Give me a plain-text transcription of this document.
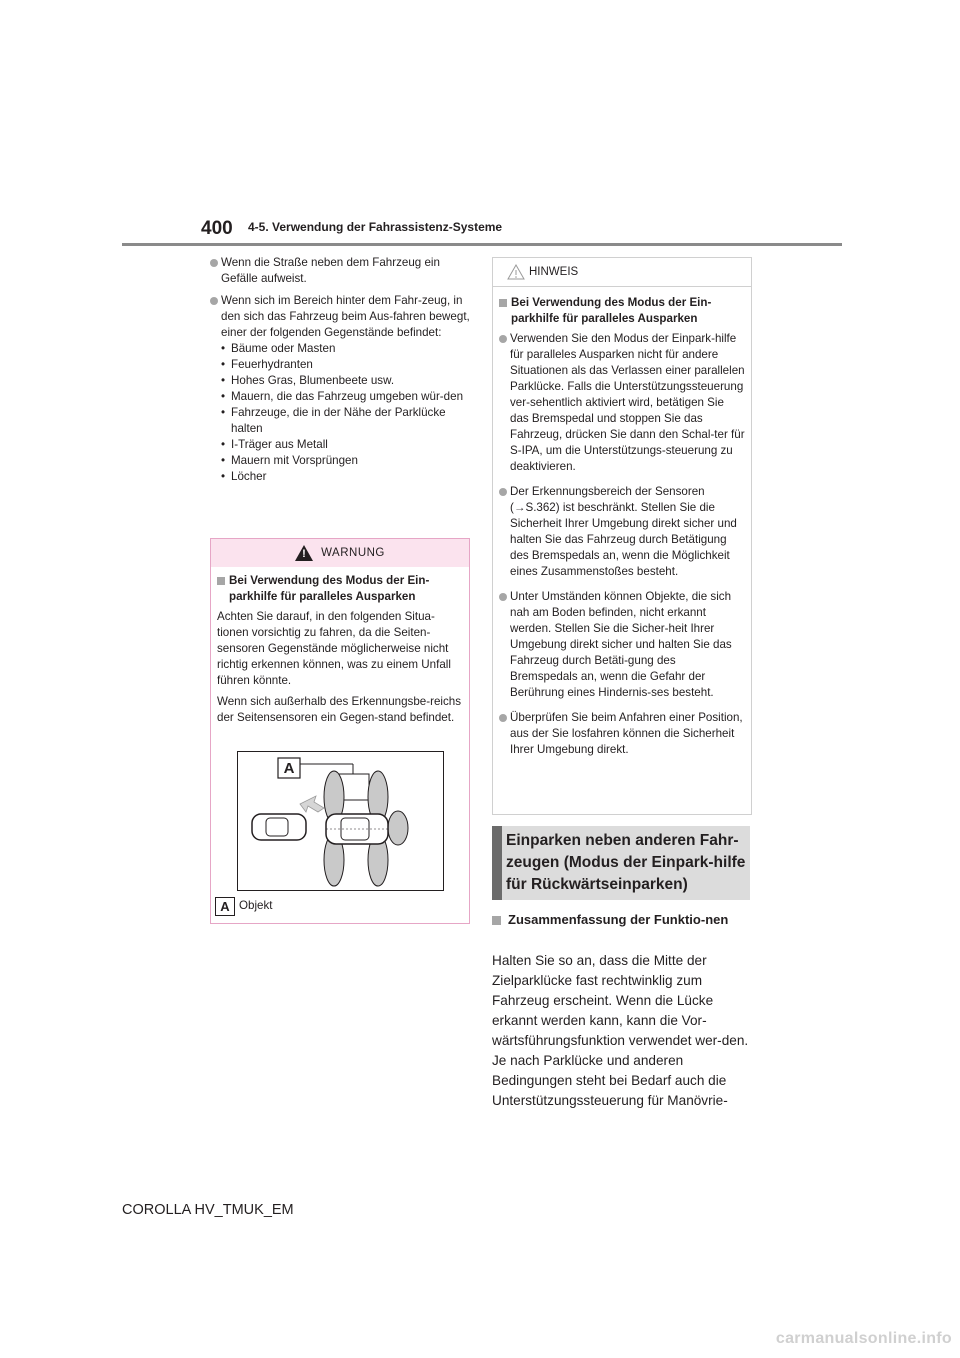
400 4-5. Verwendung der Fahrassistenz-Systeme
Wenn die Straße neben dem Fahrzeug ein Gefälle aufweist.
Wenn sich im Bereich hinter dem Fahr-zeug, in den sich das Fahrzeug beim Aus-fahren bewegt, einer der folgenden Gegenstände befindet:
• Bäume oder Masten
• Feuerhydranten
• Hohes Gras, Blumenbeete usw.
• Mauern, die das Fahrzeug umgeben wür-den
• Fahrzeuge, die in der Nähe der Parklücke halten
• I-Träger aus Metall
• Mauern mit Vorsprüngen
• Löcher
! WARNUNG
Bei Verwendung des Modus der Ein-parkhilfe für paralleles Ausparken

Achten Sie darauf, in den folgenden Situa-tionen vorsichtig zu fahren, da die Seiten-sensoren Gegenstände möglicherweise nicht richtig erkennen können, was zu einem Unfall führen könnte.

Wenn sich außerhalb des Erkennungsbe-reichs der Seitensensoren ein Gegen-stand befindet.

A
A Objekt
HINWEIS
Bei Verwendung des Modus der Ein-parkhilfe für paralleles Ausparken
Verwenden Sie den Modus der Einpark-hilfe für paralleles Ausparken nicht für andere Situationen als das Verlassen einer parallelen Parklücke. Falls die Unterstützungssteuerung ver-sehentlich aktiviert wird, betätigen Sie das Bremspedal und stoppen Sie das Fahrzeug, drücken Sie dann den Schal-ter für S-IPA, um die Unterstützungs-steuerung zu deaktivieren.
Der Erkennungsbereich der Sensoren (→S.362) ist beschränkt. Stellen Sie die Sicherheit Ihrer Umgebung direkt sicher und halten Sie das Fahrzeug durch Betätigung des Bremspedals an, wenn die Möglichkeit eines Zusammenstoßes besteht.
Unter Umständen können Objekte, die sich nah am Boden befinden, nicht erkannt werden. Stellen Sie die Sicher-heit Ihrer Umgebung direkt sicher und halten Sie das Fahrzeug durch Betäti-gung des Bremspedals an, wenn die Gefahr der Berührung eines Hindernis-ses besteht.
Überprüfen Sie beim Anfahren einer Position, aus der Sie losfahren können die Sicherheit Ihrer Umgebung direkt.
Einparken neben anderen Fahr-zeugen (Modus der Einpark-hilfe für Rückwärtseinparken)
Zusammenfassung der Funktio-nen
Halten Sie so an, dass die Mitte der Zielparklücke fast rechtwinklig zum Fahrzeug erscheint. Wenn die Lücke erkannt werden kann, kann die Vor-wärtsführungsfunktion verwendet wer-den. Je nach Parklücke und anderen Bedingungen steht bei Bedarf auch die Unterstützungssteuerung für Manövrie-
COROLLA HV_TMUK_EM
carmanualsonline.info
